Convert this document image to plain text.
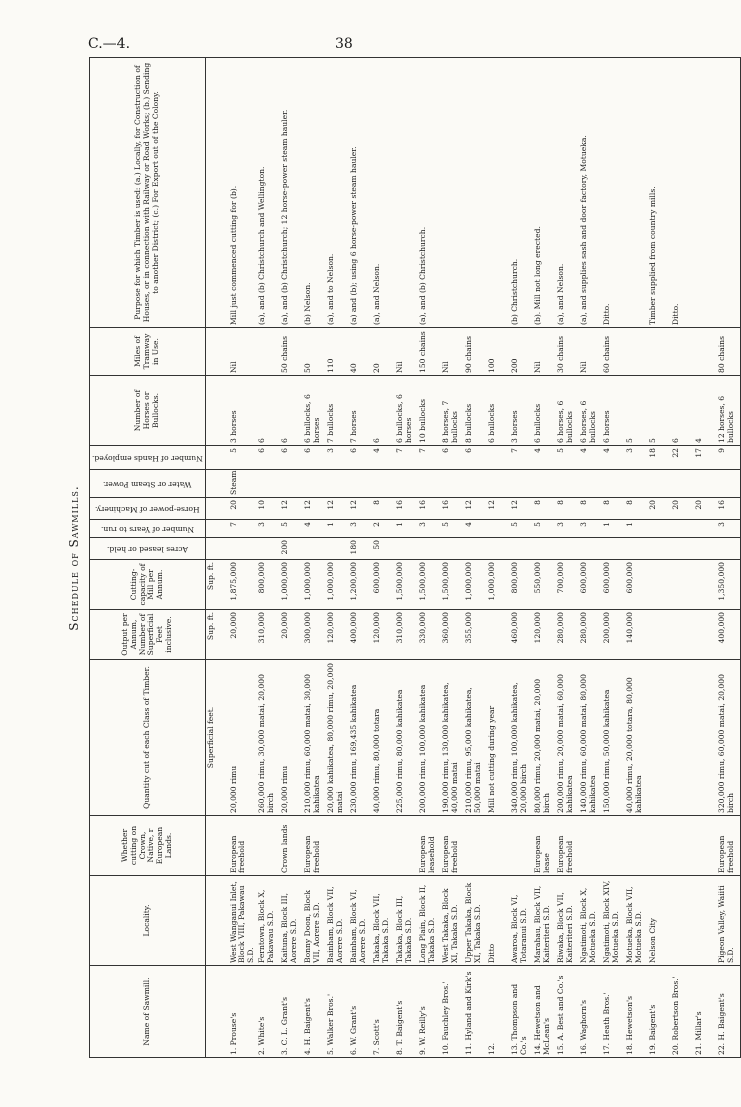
C.—4.	38
Schedule of Sawmills.
Name of Sawmill.	Locality.	Whether cutting on Crown, Native, r European Lands.	Quantity cut of each Class of Timber.	Output per Annum, Number of Superficial Feet inclusive.	Cutting-capacity of Mill per Annum.	Acres leased or held.	Number of Years to run.	Horse-power of Machinery.	Water or Steam Power.	Number of Hands employed.	Number of Horses or Bullocks.	Miles of Tramway in Use.	Purpose for which Timber is used: (a.) Locally, for Construction of Houses, or in connection with Railway or Road Works; (b.) Sending to another District; (c.) For Export out of the Colony.
			Superficial feet.	Sup. ft.	Sup. ft.								
1. Prouse's	West Wanganui Inlet, Block VIII, Pakawau S.D.	European freehold	20,000 rimu	20,000	1,875,000		7	20	Steam	5	3 horses	Nil	Mill just commenced cutting for (b).
2. White's	Ferntown, Block X, Pakawau S.D.		260,000 rimu, 30,000 matai, 20,000 birch	310,000	800,000		3	10		6	6		(a), and (b) Christchurch and Wellington.
3. C. L. Grant's	Kaituna, Block III, Aorere S.D.	Crown lands	20,000 rimu	20,000	1,000,000	200	5	12		6	6	50 chains	(a), and (b) Christchurch; 12 horse-power steam hauler.
4. H. Baigent's	Bonny Doon, Block VII, Aorere S.D.	European freehold	210,000 rimu, 60,000 matai, 30,000 kahikatea	300,000	1,000,000		4	12		6	6 bullocks, 6 horses	50	(b) Nelson.
5. Walker Bros.'	Bainham, Block VII, Aorere S.D.		20,000 kahikatea, 80,000 rimu, 20,000 matai	120,000	1,000,000		1	12		3	7 bullocks	110	(a), and to Nelson.
6. W. Grant's	Bainham, Block VI, Aorere S.D.		230,000 rimu, 169,435 kahikatea	400,000	1,200,000	180	3	12		6	7 horses	40	(a) and (b); using 6 horse-power steam hauler.
7. Scott's	Takaka, Block VII, Takaka S.D.		40,000 rimu, 80,000 totara	120,000	600,000	50	2	8		4	6	20	(a), and Nelson.
8. T. Baigent's	Takaka, Block III, Takaka S.D.		225,000 rimu, 80,000 kahikatea	310,000	1,500,000		1	16		7	6 bullocks, 6 horses	Nil	
9. W. Reilly's	Long Plain, Block II, Takaka S.D.	European leasehold	200,000 rimu, 100,000 kahikatea	330,000	1,500,000		3	16		7	10 bullocks	150 chains	(a), and (b) Christchurch.
10. Fauchley Bros.'	West Takaka, Block XI, Takaka S.D.	European freehold	190,000 rimu, 130,000 kahikatea, 40,000 matai	360,000	1,500,000		5	16		6	8 horses, 7 bullocks	Nil	
11. Hyland and Kirk's	Upper Takaka, Block XI, Takaka S.D.		210,000 rimu, 95,000 kahikatea, 50,000 matai	355,000	1,000,000		4	12		6	8 bullocks	90 chains	
12.	Ditto		Mill not cutting during year		1,000,000			12			6 bullocks	100	
13. Thompson and Co.'s	Awaroa, Block VI, Totaranui S.D.		340,000 rimu, 100,000 kahikatea, 20,000 birch	460,000	800,000		5	12		7	3 horses	200	(b) Christchurch.
14. Hewetson and McLean's	Marahau, Block VII, Kaiteriteri S.D.	European lease	80,000 rimu, 20,000 matai, 20,000 birch	120,000	550,000		5	8		4	6 bullocks	Nil	(b). Mill not long erected.
15. A. Best and Co.'s	Riwaka, Block VII, Kaiteriteri S.D.	European freehold	200,000 rimu, 20,000 matai, 60,000 kahikatea	280,000	700,000		3	8		5	6 horses, 6 bullocks	30 chains	(a), and Nelson.
16. Waghorn's	Ngatimoti, Block X, Motueka S.D.		140,000 rimu, 60,000 matai, 80,000 kahikatea	280,000	600,000		3	8		4	6 horses, 6 bullocks	Nil	(a), and supplies sash and door factory, Motueka.
17. Heath Bros.'	Ngatimoti, Block XIV, Motueka S.D.		150,000 rimu, 50,000 kahikatea	200,000	600,000		1	8		4	6 horses	60 chains	Ditto.
18. Hewetson's	Motueka, Block VII, Motueka S.D.		40,000 rimu, 20,000 totara, 80,000 kahikatea	140,000	600,000		1	8		3	5		
19. Baigent's	Nelson City							20		18	5		Timber supplied from country mills.
20. Robertson Bros.'								20		22	6		Ditto.
21. Millar's								20		17	4		
22. H. Baigent's	Pigeon Valley, Waiiti S.D.	European freehold	320,000 rimu, 60,000 matai, 20,000 birch	400,000	1,350,000		3	16		9	12 horses, 6 bullocks	80 chains	
